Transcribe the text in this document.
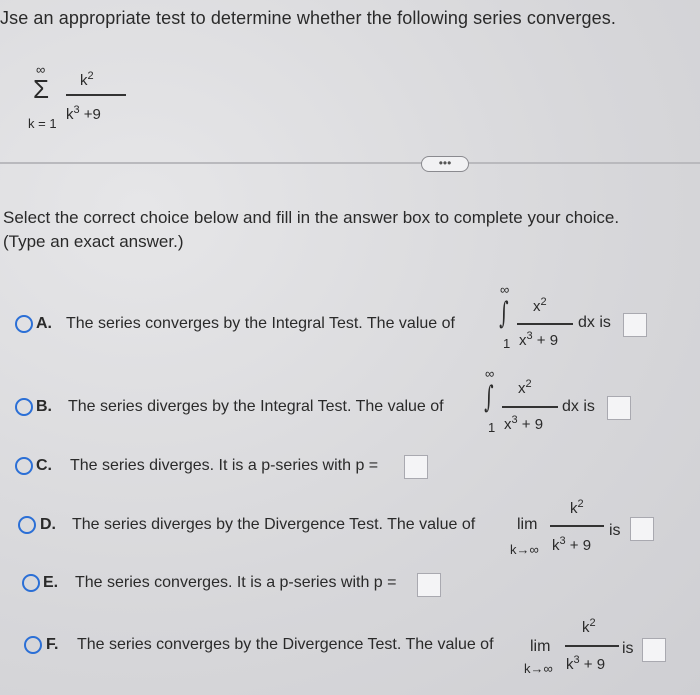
Jse an appropriate test to determine whether the following series converges.
∞
Σ
k = 1
$k^2$
$k^3 +9$
•••
Select the correct choice below and fill in the answer box to complete your choice.
(Type an exact answer.)
A. The series converges by the Integral Test. The value of
∞
∫
1
$x^2$
$x^3 + 9$
dx is
B. The series diverges by the Integral Test. The value of
∞
∫
1
$x^2$
$x^3 + 9$
dx is
C. The series diverges. It is a p-series with p =
D. The series diverges by the Divergence Test. The value of	lim
k→∞
$k^2$
$k^3 + 9$
is
E. The series converges. It is a p-series with p =
F. The series converges by the Divergence Test. The value of lim
k→∞
$k^2$
$k^3 + 9$
is
